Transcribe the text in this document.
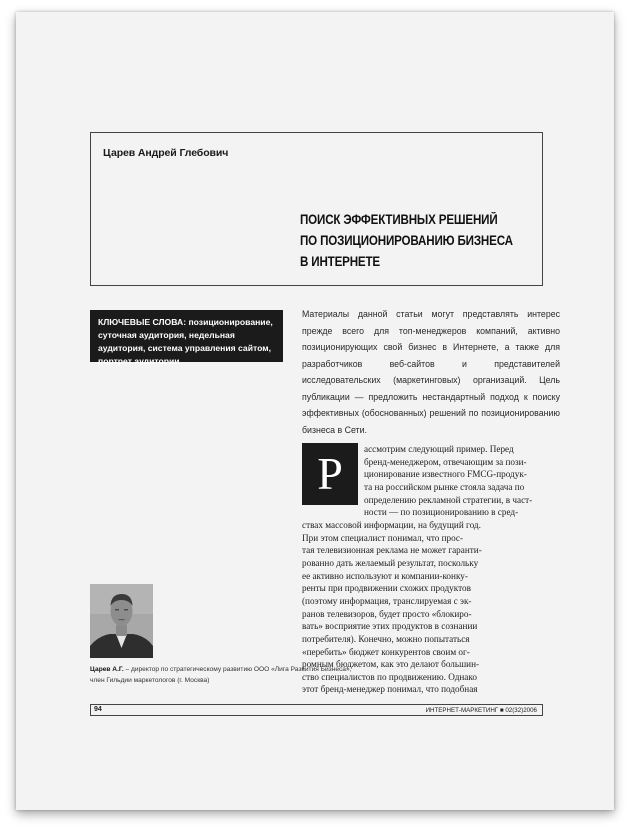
Царев Андрей Глебович
ПОИСК ЭФФЕКТИВНЫХ РЕШЕНИЙ
ПО ПОЗИЦИОНИРОВАНИЮ БИЗНЕСА
В ИНТЕРНЕТЕ
КЛЮЧЕВЫЕ СЛОВА: позиционирование, суточная аудитория, недельная аудитория, система управления сайтом, портрет аудитории
Материалы данной статьи могут представлять интерес прежде всего для топ-менеджеров компаний, активно позиционирующих свой бизнес в Интернете, а также для разработчиков веб-сайтов и представителей исследовательских (маркетинговых) организаций. Цель публикации — предложить нестандартный подход к поиску эффективных (обоснованных) решений по позиционированию бизнеса в Сети.
Р	ассмотрим следующий пример. Перед
бренд-менеджером, отвечающим за пози-
ционирование известного FMCG-продук-
та на российском рынке стояла задача по
определению рекламной стратегии, в част-
ности — по позиционированию в сред-
ствах массовой информации, на будущий год.
При этом специалист понимал, что прос-
тая телевизионная реклама не может гаранти-
рованно дать желаемый результат, поскольку
ее активно используют и компании-конку-
ренты при продвижении схожих продуктов
(поэтому информация, транслируемая с эк-
ранов телевизоров, будет просто «блокиро-
вать» восприятие этих продуктов в сознании
потребителя). Конечно, можно попытаться
«перебить» бюджет конкурентов своим ог-
ромным бюджетом, как это делают большин-
ство специалистов по продвижению. Однако
этот бренд-менеджер понимал, что подобная
Царев А.Г. – директор по стратегическому развитию ООО «Лига Развития Бизнеса», член Гильдии маркетологов (г. Москва)
94	ИНТЕРНЕТ-МАРКЕТИНГ ■ 02(32)2006
